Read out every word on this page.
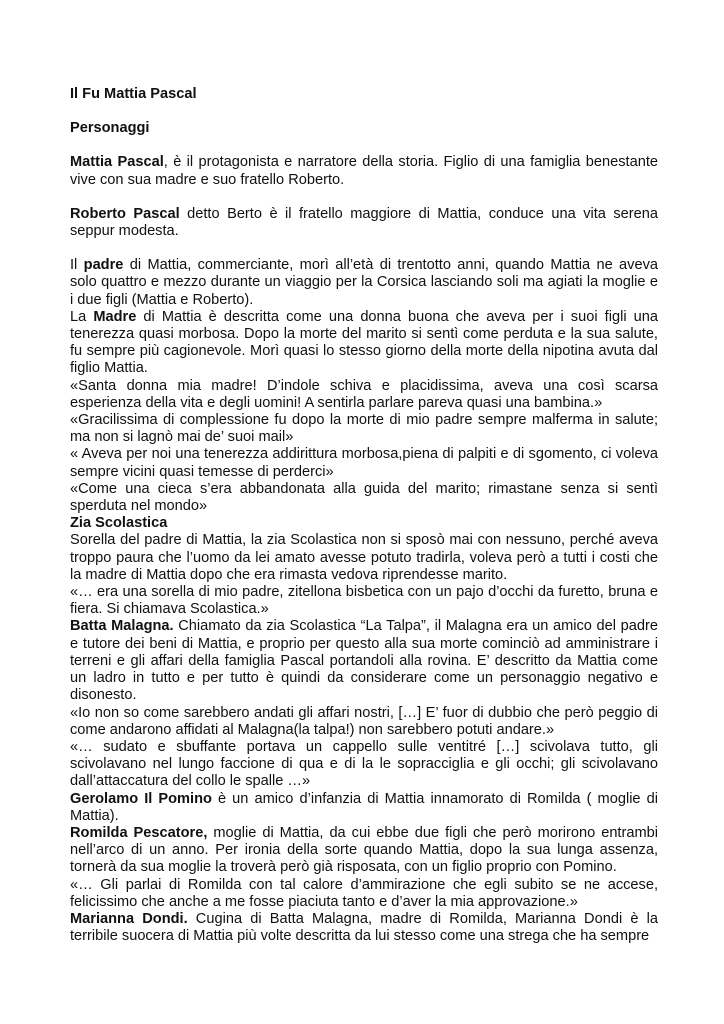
Il Fu Mattia Pascal

Personaggi

Mattia Pascal, è il protagonista e narratore della storia. Figlio di una famiglia benestante vive con sua madre e suo fratello Roberto.

Roberto Pascal detto Berto è il fratello maggiore di Mattia, conduce una vita serena seppur modesta.

Il padre di Mattia, commerciante, morì all’età di trentotto anni, quando Mattia ne aveva solo quattro e mezzo durante un viaggio per la Corsica lasciando soli ma agiati la moglie e i due figli (Mattia e Roberto).

La Madre di Mattia è descritta come una donna buona che aveva per i suoi figli una tenerezza quasi morbosa. Dopo la morte del marito si sentì come perduta e la sua salute, fu sempre più cagionevole. Morì quasi lo stesso giorno della morte della nipotina avuta dal figlio Mattia.

«Santa donna mia madre! D’indole schiva e placidissima, aveva una così scarsa esperienza della vita e degli uomini! A sentirla parlare pareva quasi una bambina.»

«Gracilissima di complessione fu dopo la morte di mio padre sempre malferma in salute; ma non si lagnò mai de’ suoi mail»

« Aveva per noi una tenerezza addirittura morbosa,piena di palpiti e di sgomento, ci voleva sempre vicini quasi temesse di perderci»

«Come una cieca s’era abbandonata alla guida del marito; rimastane senza si sentì sperduta nel mondo»

Zia Scolastica

Sorella del padre di Mattia, la zia Scolastica non si sposò mai con nessuno, perché aveva troppo paura che l’uomo da lei amato avesse potuto tradirla, voleva però a tutti i costi che la madre di Mattia dopo che era rimasta vedova riprendesse marito.

«… era una sorella di mio padre, zitellona bisbetica con un pajo d’occhi da furetto, bruna e fiera. Si chiamava Scolastica.»

Batta Malagna. Chiamato da zia Scolastica “La Talpa”, il Malagna era un amico del padre e tutore dei beni di Mattia, e proprio per questo alla sua morte cominciò ad amministrare i terreni e gli affari della famiglia Pascal portandoli alla rovina. E’ descritto da Mattia come un ladro in tutto e per tutto è quindi da considerare come un personaggio negativo e disonesto.

«Io non so come sarebbero andati gli affari nostri, […] E’ fuor di dubbio che però peggio di come andarono affidati al Malagna(la talpa!) non sarebbero potuti andare.»

«… sudato e sbuffante portava un cappello sulle ventitré […] scivolava tutto, gli scivolavano nel lungo faccione di qua e di la le sopracciglia e gli occhi; gli scivolavano dall’attaccatura del collo le spalle …»

Gerolamo Il Pomino è un amico d’infanzia di Mattia innamorato di Romilda ( moglie di Mattia).

Romilda Pescatore, moglie di Mattia, da cui ebbe due figli che però morirono entrambi nell’arco di un anno. Per ironia della sorte quando Mattia, dopo la sua lunga assenza, tornerà da sua moglie la troverà però già risposata, con un figlio proprio con Pomino.

«… Gli parlai di Romilda con tal calore d’ammirazione che egli subito se ne accese, felicissimo che anche a me fosse piaciuta tanto e d’aver la mia approvazione.»

Marianna Dondi. Cugina di Batta Malagna, madre di Romilda, Marianna Dondi è la terribile suocera di Mattia più volte descritta da lui stesso come una strega che ha sempre
